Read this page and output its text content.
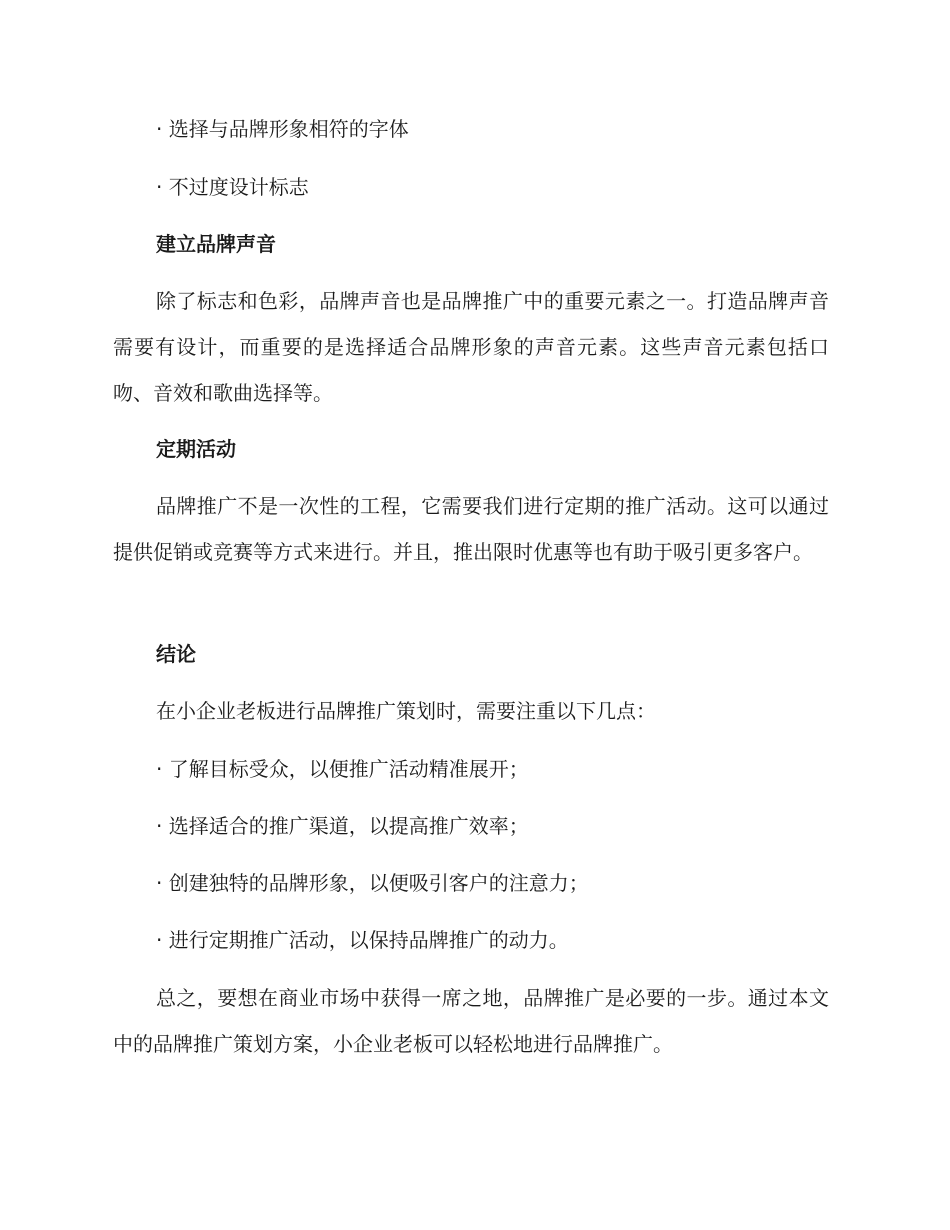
· 选择与品牌形象相符的字体

· 不过度设计标志

建立品牌声音

除了标志和色彩，品牌声音也是品牌推广中的重要元素之一。打造品牌声音需要有设计，而重要的是选择适合品牌形象的声音元素。这些声音元素包括口吻、音效和歌曲选择等。

定期活动

品牌推广不是一次性的工程，它需要我们进行定期的推广活动。这可以通过提供促销或竞赛等方式来进行。并且，推出限时优惠等也有助于吸引更多客户。

结论

在小企业老板进行品牌推广策划时，需要注重以下几点：

· 了解目标受众，以便推广活动精准展开；

· 选择适合的推广渠道，以提高推广效率；

· 创建独特的品牌形象，以便吸引客户的注意力；

· 进行定期推广活动，以保持品牌推广的动力。

总之，要想在商业市场中获得一席之地，品牌推广是必要的一步。通过本文中的品牌推广策划方案，小企业老板可以轻松地进行品牌推广。
